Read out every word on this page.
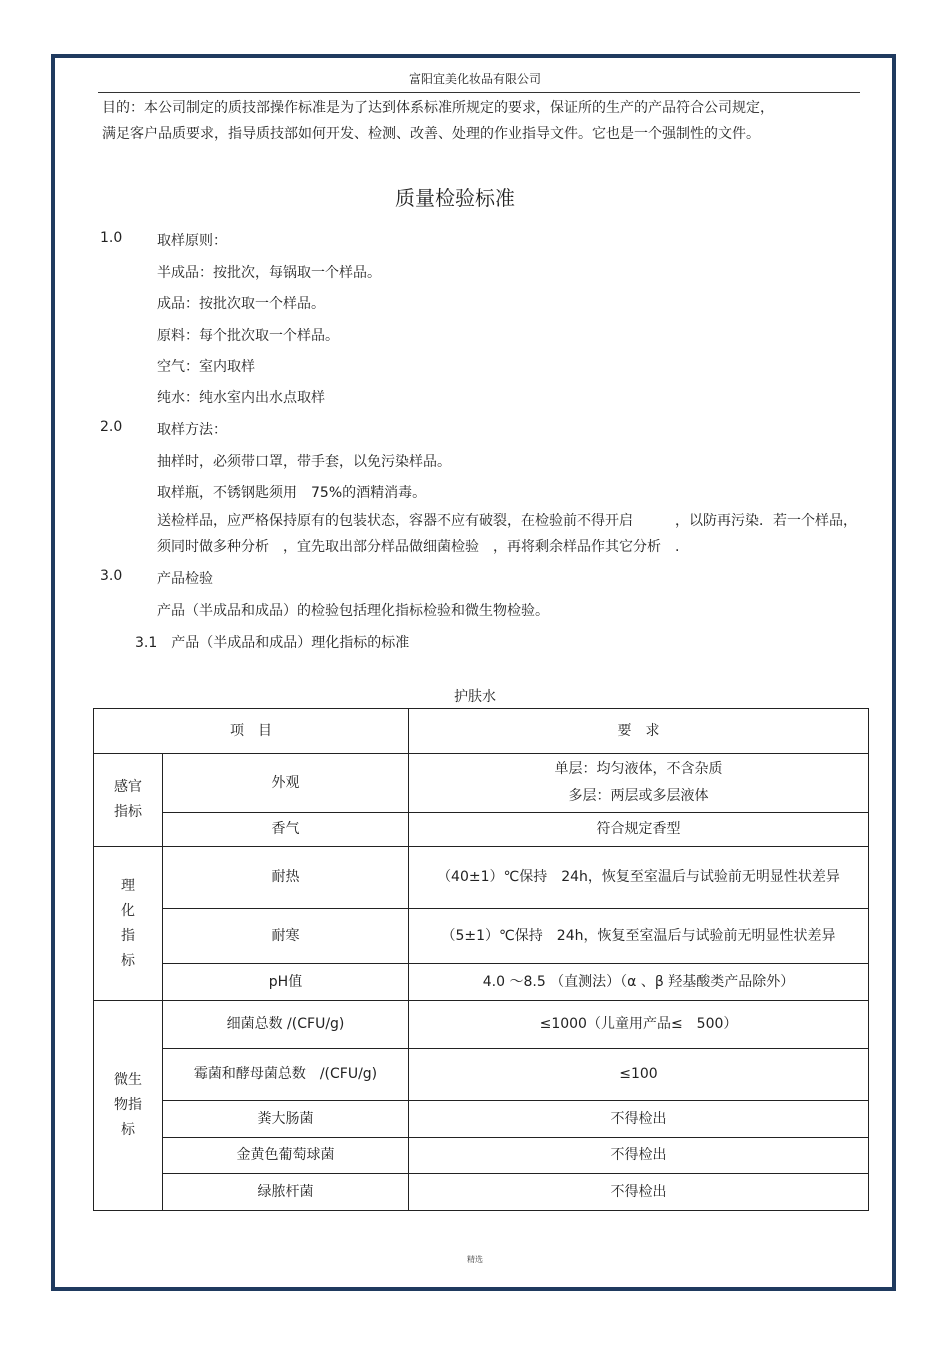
富阳宜美化妆品有限公司
目的：本公司制定的质技部操作标准是为了达到体系标准所规定的要求，保证所的生产的产品符合公司规定，满足客户品质要求，指导质技部如何开发、检测、改善、处理的作业指导文件。它也是一个强制性的文件。
质量检验标准
1.0 取样原则：
半成品：按批次，每锅取一个样品。
成品：按批次取一个样品。
原料：每个批次取一个样品。
空气：室内取样
纯水：纯水室内出水点取样
2.0 取样方法：
抽样时，必须带口罩，带手套，以免污染样品。
取样瓶，不锈钢匙须用　75%的酒精消毒。
送检样品，应严格保持原有的包装状态，容器不应有破裂，在检验前不得开启　　　，以防再污染．若一个样品，须同时做多种分析　，宜先取出部分样品做细菌检验　，再将剩余样品作其它分析　.
3.0 产品检验
产品（半成品和成品）的检验包括理化指标检验和微生物检验。
3.1　产品（半成品和成品）理化指标的标准
护肤水
项　目		要　求

感官指标	外观	单层：均匀液体，不含杂质
多层：两层或多层液体

	香气	符合规定香型

理化指标	耐热	（40±1）℃保持　24h，恢复至室温后与试验前无明显性状差异

	耐寒	（5±1）℃保持　24h，恢复至室温后与试验前无明显性状差异
	pH值	4.0 ～8.5 （直测法）（α 、β 羟基酸类产品除外）

微生物指标	细菌总数 /(CFU/g)	≤1000（儿童用产品≤　500）
	霉菌和酵母菌总数　/(CFU/g)	≤100
	粪大肠菌	不得检出
	金黄色葡萄球菌	不得检出
	绿脓杆菌	不得检出
精选
